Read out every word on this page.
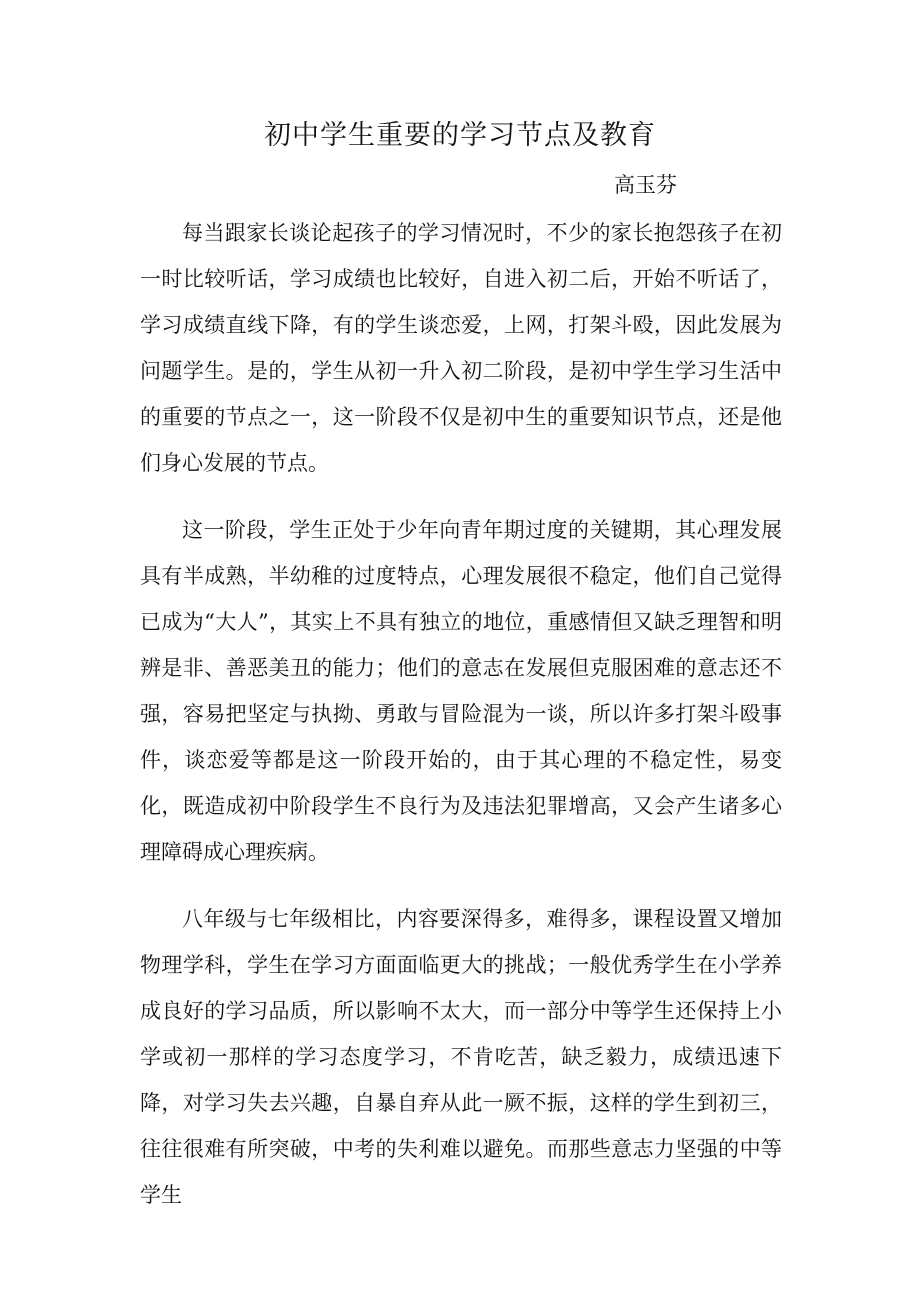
初中学生重要的学习节点及教育

高玉芬

每当跟家长谈论起孩子的学习情况时，不少的家长抱怨孩子在初一时比较听话，学习成绩也比较好，自进入初二后，开始不听话了，学习成绩直线下降，有的学生谈恋爱，上网，打架斗殴，因此发展为问题学生。是的，学生从初一升入初二阶段，是初中学生学习生活中的重要的节点之一，这一阶段不仅是初中生的重要知识节点，还是他们身心发展的节点。

这一阶段，学生正处于少年向青年期过度的关键期，其心理发展具有半成熟，半幼稚的过度特点，心理发展很不稳定，他们自己觉得已成为“大人”，其实上不具有独立的地位，重感情但又缺乏理智和明辨是非、善恶美丑的能力；他们的意志在发展但克服困难的意志还不强，容易把坚定与执拗、勇敢与冒险混为一谈，所以许多打架斗殴事件，谈恋爱等都是这一阶段开始的，由于其心理的不稳定性，易变化，既造成初中阶段学生不良行为及违法犯罪增高，又会产生诸多心理障碍成心理疾病。

八年级与七年级相比，内容要深得多，难得多，课程设置又增加物理学科，学生在学习方面面临更大的挑战；一般优秀学生在小学养成良好的学习品质，所以影响不太大，而一部分中等学生还保持上小学或初一那样的学习态度学习，不肯吃苦，缺乏毅力，成绩迅速下降，对学习失去兴趣，自暴自弃从此一厥不振，这样的学生到初三，往往很难有所突破，中考的失利难以避免。而那些意志力坚强的中等学生
